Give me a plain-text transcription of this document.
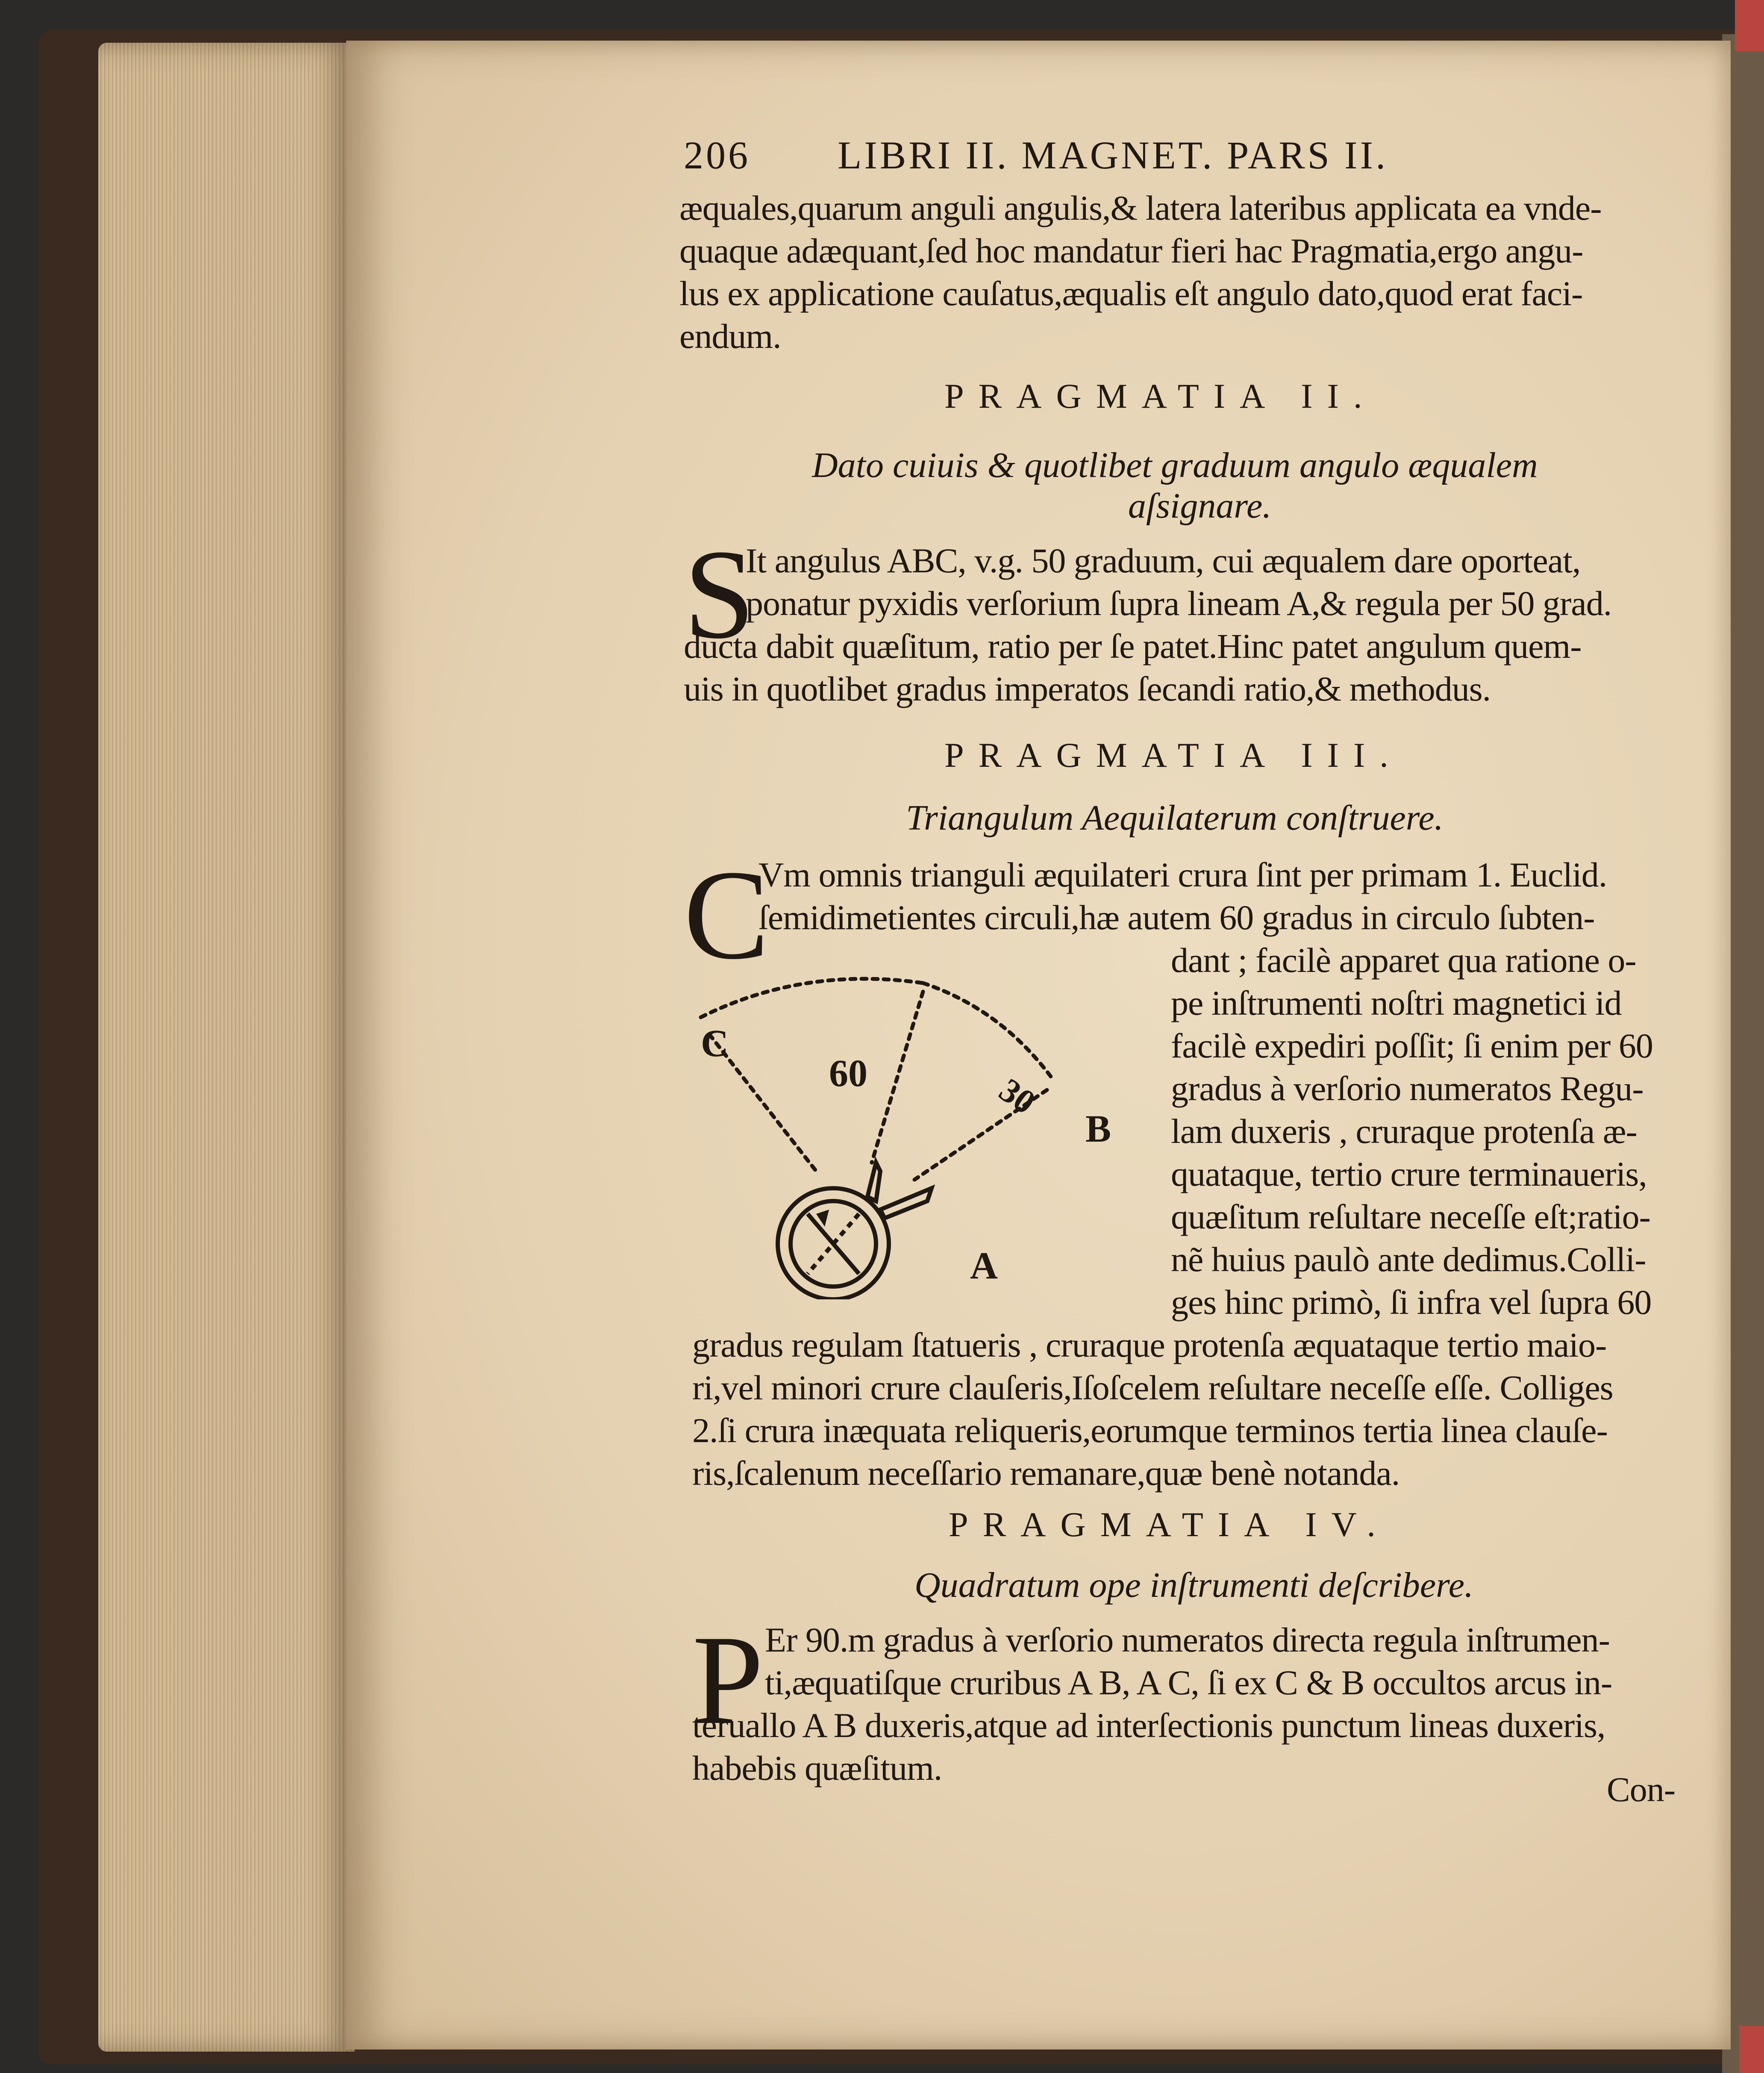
206 LIBRI II. MAGNET. PARS II.
æquales,quarum anguli angulis,& latera lateribus applicata ea vnde-
quaque adæquant,ſed hoc mandatur fieri hac Pragmatia,ergo angu-
lus ex applicatione cauſatus,æqualis eſt angulo dato,quod erat faci-
endum.
PRAGMATIA II.
Dato cuiuis & quotlibet graduum angulo æqualem
aſsignare.
S
It angulus ABC, v.g. 50 graduum, cui æqualem dare oporteat,
ponatur pyxidis verſorium ſupra lineam A,& regula per 50 grad.
ducta dabit quæſitum, ratio per ſe patet.Hinc patet angulum quem-
uis in quotlibet gradus imperatos ſecandi ratio,& methodus.
PRAGMATIA III.
Triangulum Aequilaterum conſtruere.
C
Vm omnis trianguli æquilateri crura ſint per primam 1. Euclid.
ſemidimetientes circuli,hæ autem 60 gradus in circulo ſubten-
dant ; facilè apparet qua ratione o-
pe inſtrumenti noſtri magnetici id
facilè expediri poſſit; ſi enim per 60
gradus à verſorio numeratos Regu-
lam duxeris , cruraque protenſa æ-
quataque, tertio crure terminaueris,
quæſitum reſultare neceſſe eſt;ratio-
nẽ huius paulò ante dedimus.Colli-
ges hinc primò, ſi infra vel ſupra 60
C
60	30
B
A
gradus regulam ſtatueris , cruraque protenſa æquataque tertio maio-
ri,vel minori crure clauſeris,Iſoſcelem reſultare neceſſe eſſe. Colliges
2.ſi crura inæquata reliqueris,eorumque terminos tertia linea clauſe-
ris,ſcalenum neceſſario remanare,quæ benè notanda.
PRAGMATIA IV.
Quadratum ope inſtrumenti deſcribere.
P Er 90.m gradus à verſorio numeratos directa regula inſtrumen-
ti,æquatiſque cruribus A B, A C, ſi ex C & B occultos arcus in-
teruallo A B duxeris,atque ad interſectionis punctum lineas duxeris,
habebis quæſitum.
Con-
